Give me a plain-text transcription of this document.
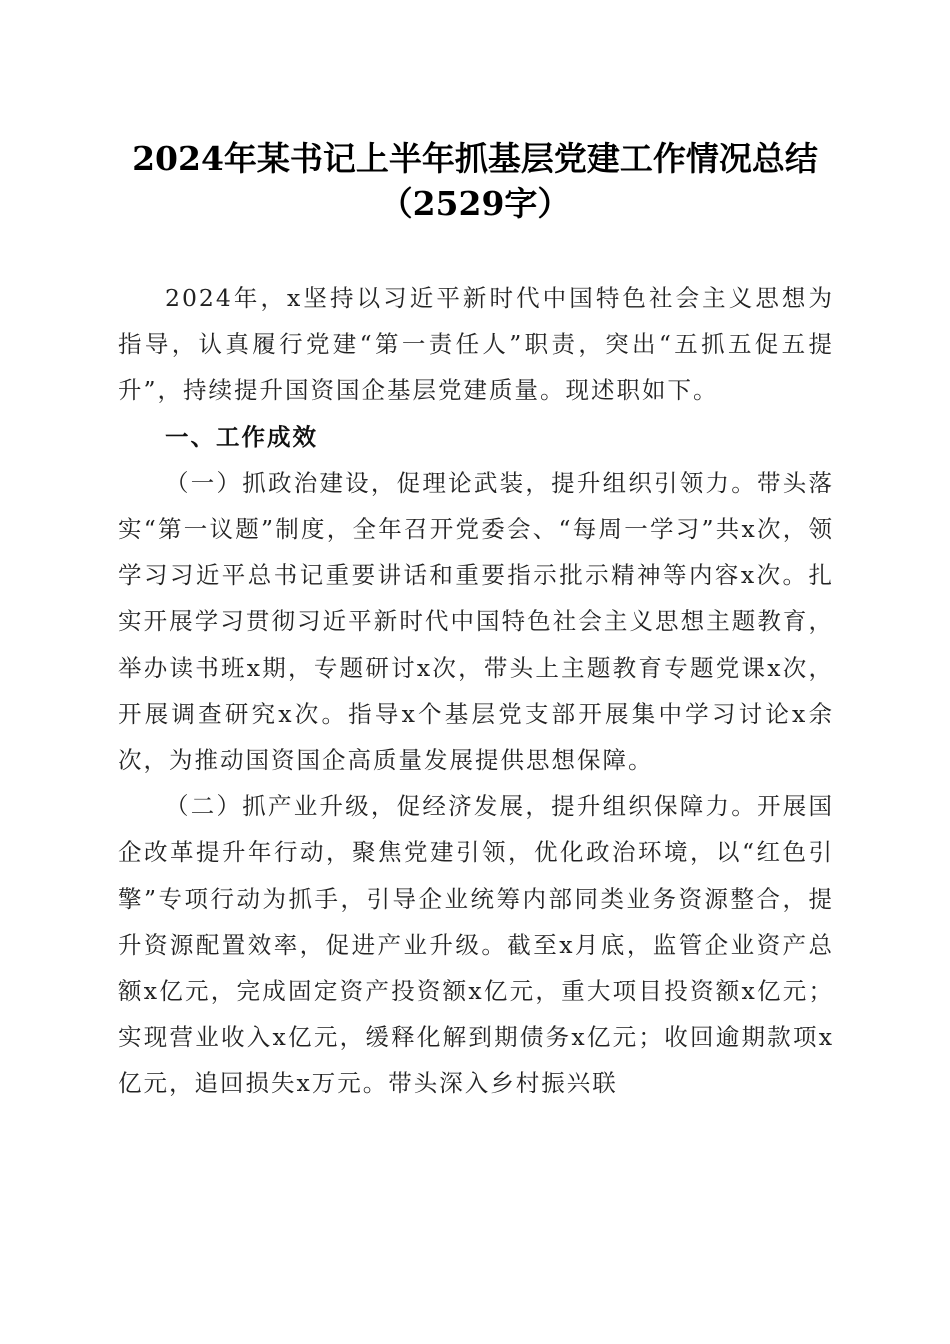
2024年某书记上半年抓基层党建工作情况总结（2529字）

2024年，x坚持以习近平新时代中国特色社会主义思想为指导，认真履行党建“第一责任人”职责，突出“五抓五促五提升”，持续提升国资国企基层党建质量。现述职如下。

一、工作成效

（一）抓政治建设，促理论武装，提升组织引领力。带头落实“第一议题”制度，全年召开党委会、“每周一学习”共x次，领学习习近平总书记重要讲话和重要指示批示精神等内容x次。扎实开展学习贯彻习近平新时代中国特色社会主义思想主题教育，举办读书班x期，专题研讨x次，带头上主题教育专题党课x次，开展调查研究x次。指导x个基层党支部开展集中学习讨论x余次，为推动国资国企高质量发展提供思想保障。

（二）抓产业升级，促经济发展，提升组织保障力。开展国企改革提升年行动，聚焦党建引领，优化政治环境，以“红色引擎”专项行动为抓手，引导企业统筹内部同类业务资源整合，提升资源配置效率，促进产业升级。截至x月底，监管企业资产总额x亿元，完成固定资产投资额x亿元，重大项目投资额x亿元；实现营业收入x亿元，缓释化解到期债务x亿元；收回逾期款项x亿元，追回损失x万元。带头深入乡村振兴联
